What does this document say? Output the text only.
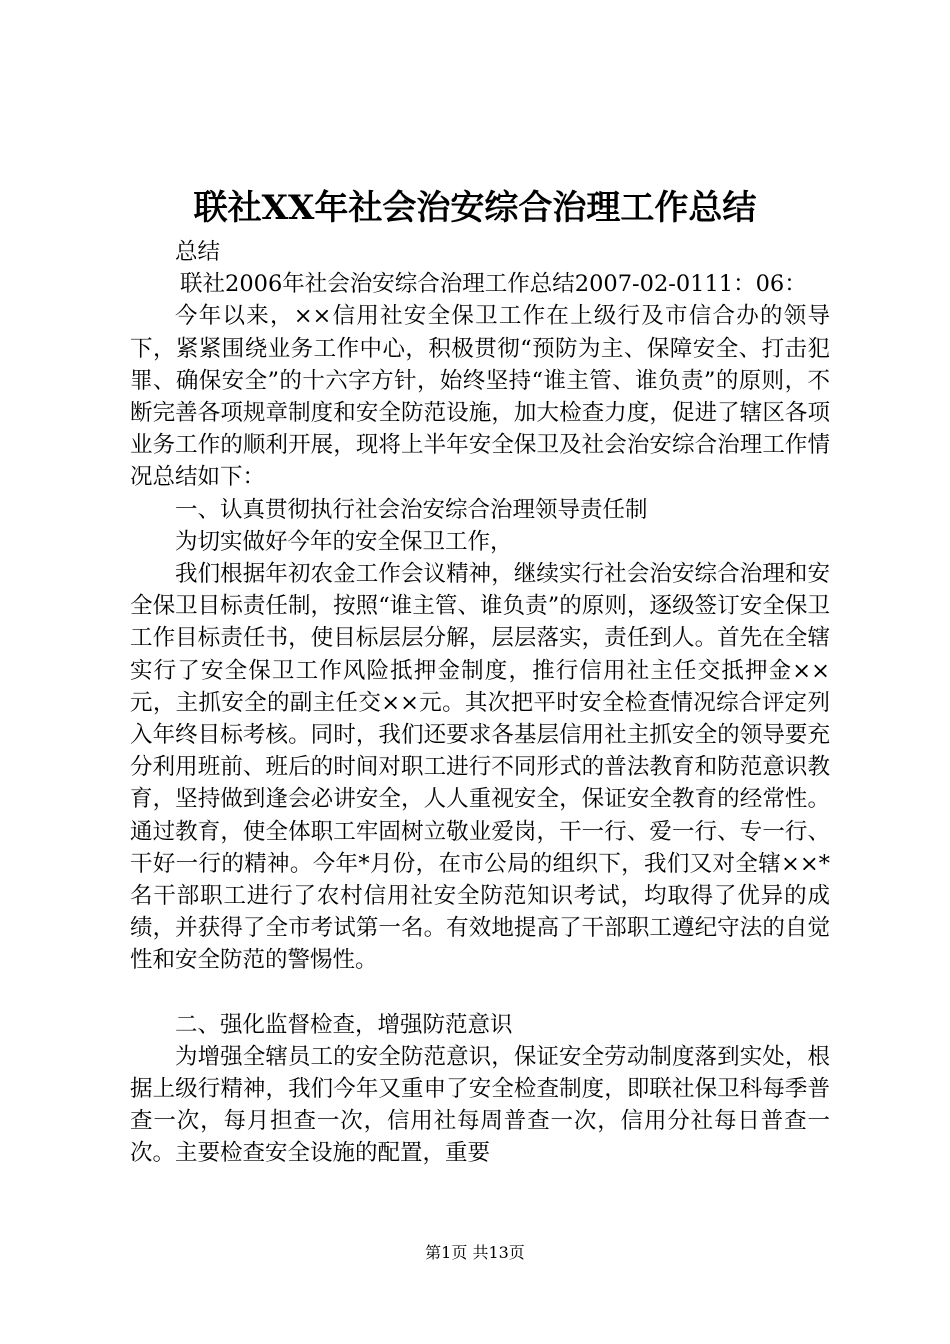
联社XX年社会治安综合治理工作总结

总结

联社2006年社会治安综合治理工作总结2007-02-0111：06：

今年以来，××信用社安全保卫工作在上级行及市信合办的领导下，紧紧围绕业务工作中心，积极贯彻“预防为主、保障安全、打击犯罪、确保安全”的十六字方针，始终坚持“谁主管、谁负责”的原则，不断完善各项规章制度和安全防范设施，加大检查力度，促进了辖区各项业务工作的顺利开展，现将上半年安全保卫及社会治安综合治理工作情况总结如下：

一、认真贯彻执行社会治安综合治理领导责任制

为切实做好今年的安全保卫工作，

我们根据年初农金工作会议精神，继续实行社会治安综合治理和安全保卫目标责任制，按照“谁主管、谁负责”的原则，逐级签订安全保卫工作目标责任书，使目标层层分解，层层落实，责任到人。首先在全辖实行了安全保卫工作风险抵押金制度，推行信用社主任交抵押金××元，主抓安全的副主任交××元。其次把平时安全检查情况综合评定列入年终目标考核。同时，我们还要求各基层信用社主抓安全的领导要充分利用班前、班后的时间对职工进行不同形式的普法教育和防范意识教育，坚持做到逢会必讲安全，人人重视安全，保证安全教育的经常性。通过教育，使全体职工牢固树立敬业爱岗，干一行、爱一行、专一行、干好一行的精神。今年*月份，在市公局的组织下，我们又对全辖××*名干部职工进行了农村信用社安全防范知识考试，均取得了优异的成绩，并获得了全市考试第一名。有效地提高了干部职工遵纪守法的自觉性和安全防范的警惕性。

二、强化监督检查，增强防范意识

为增强全辖员工的安全防范意识，保证安全劳动制度落到实处，根据上级行精神，我们今年又重申了安全检查制度，即联社保卫科每季普查一次，每月担查一次，信用社每周普查一次，信用分社每日普查一次。主要检查安全设施的配置，重要

第1页 共13页
